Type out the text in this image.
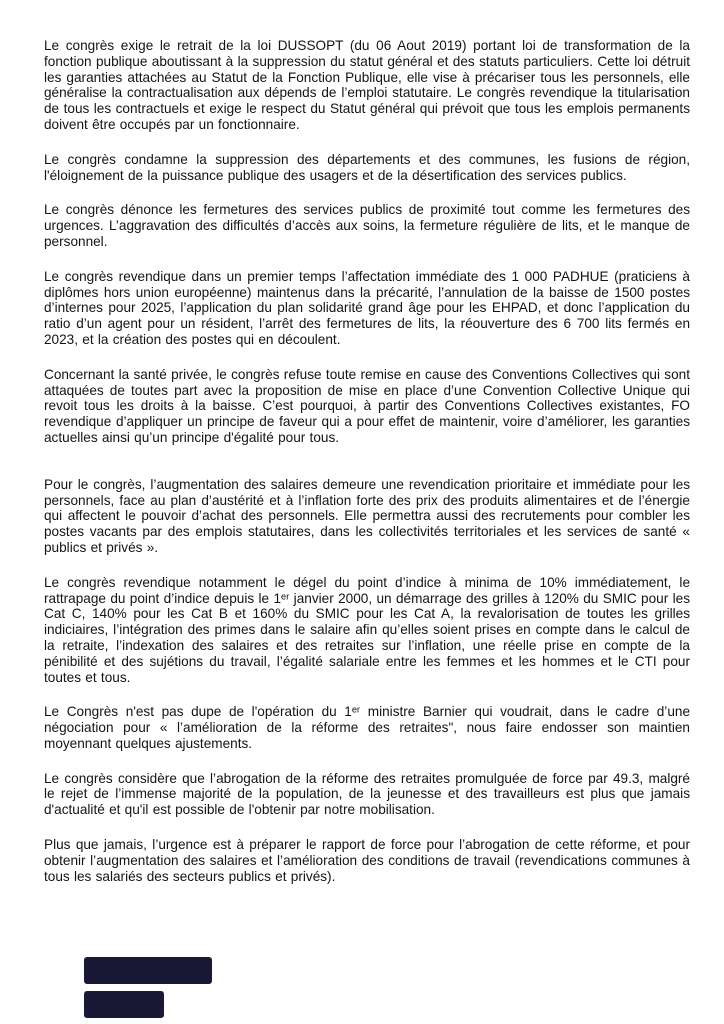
Le congrès exige le retrait de la loi DUSSOPT (du 06 Aout 2019) portant loi de transformation de la fonction publique aboutissant à la suppression du statut général et des statuts particuliers. Cette loi détruit les garanties attachées au Statut de la Fonction Publique, elle vise à précariser tous les personnels, elle généralise la contractualisation aux dépends de l’emploi statutaire. Le congrès revendique la titularisation de tous les contractuels et exige le respect du Statut général qui prévoit que tous les emplois permanents doivent être occupés par un fonctionnaire.

Le congrès condamne la suppression des départements et des communes, les fusions de région, l'éloignement de la puissance publique des usagers et de la désertification des services publics.

Le congrès dénonce les fermetures des services publics de proximité tout comme les fermetures des urgences. L’aggravation des difficultés d’accès aux soins, la fermeture régulière de lits, et le manque de personnel.

Le congrès revendique dans un premier temps l’affectation immédiate des 1 000 PADHUE (praticiens à diplômes hors union européenne) maintenus dans la précarité, l’annulation de la baisse de 1500 postes d’internes pour 2025, l’application du plan solidarité grand âge pour les EHPAD, et donc l’application du ratio d’un agent pour un résident, l’arrêt des fermetures de lits, la réouverture des 6 700 lits fermés en 2023, et la création des postes qui en découlent.

Concernant la santé privée, le congrès refuse toute remise en cause des Conventions Collectives qui sont attaquées de toutes part avec la proposition de mise en place d’une Convention Collective Unique qui revoit tous les droits à la baisse. C’est pourquoi, à partir des Conventions Collectives existantes, FO revendique d’appliquer un principe de faveur qui a pour effet de maintenir, voire d’améliorer, les garanties actuelles ainsi qu’un principe d'égalité pour tous.

Pour le congrès, l’augmentation des salaires demeure une revendication prioritaire et immédiate pour les personnels, face au plan d’austérité et à l’inflation forte des prix des produits alimentaires et de l’énergie qui affectent le pouvoir d’achat des personnels. Elle permettra aussi des recrutements pour combler les postes vacants par des emplois statutaires, dans les collectivités territoriales et les services de santé « publics et privés ».

Le congrès revendique notamment le dégel du point d’indice à minima de 10% immédiatement, le rattrapage du point d’indice depuis le 1ᵉʳ janvier 2000, un démarrage des grilles à 120% du SMIC pour les Cat C, 140% pour les Cat B et 160% du SMIC pour les Cat A, la revalorisation de toutes les grilles indiciaires, l’intégration des primes dans le salaire afin qu’elles soient prises en compte dans le calcul de la retraite, l’indexation des salaires et des retraites sur l’inflation, une réelle prise en compte de la pénibilité et des sujétions du travail, l’égalité salariale entre les femmes et les hommes et le CTI pour toutes et tous.

Le Congrès n'est pas dupe de l'opération du 1ᵉʳ ministre Barnier qui voudrait, dans le cadre d’une négociation pour « l’amélioration de la réforme des retraites", nous faire endosser son maintien moyennant quelques ajustements.

Le congrès considère que l’abrogation de la réforme des retraites promulguée de force par 49.3, malgré le rejet de l’immense majorité de la population, de la jeunesse et des travailleurs est plus que jamais d'actualité et qu'il est possible de l'obtenir par notre mobilisation.

Plus que jamais, l’urgence est à préparer le rapport de force pour l’abrogation de cette réforme, et pour obtenir l’augmentation des salaires et l’amélioration des conditions de travail (revendications communes à tous les salariés des secteurs publics et privés).
